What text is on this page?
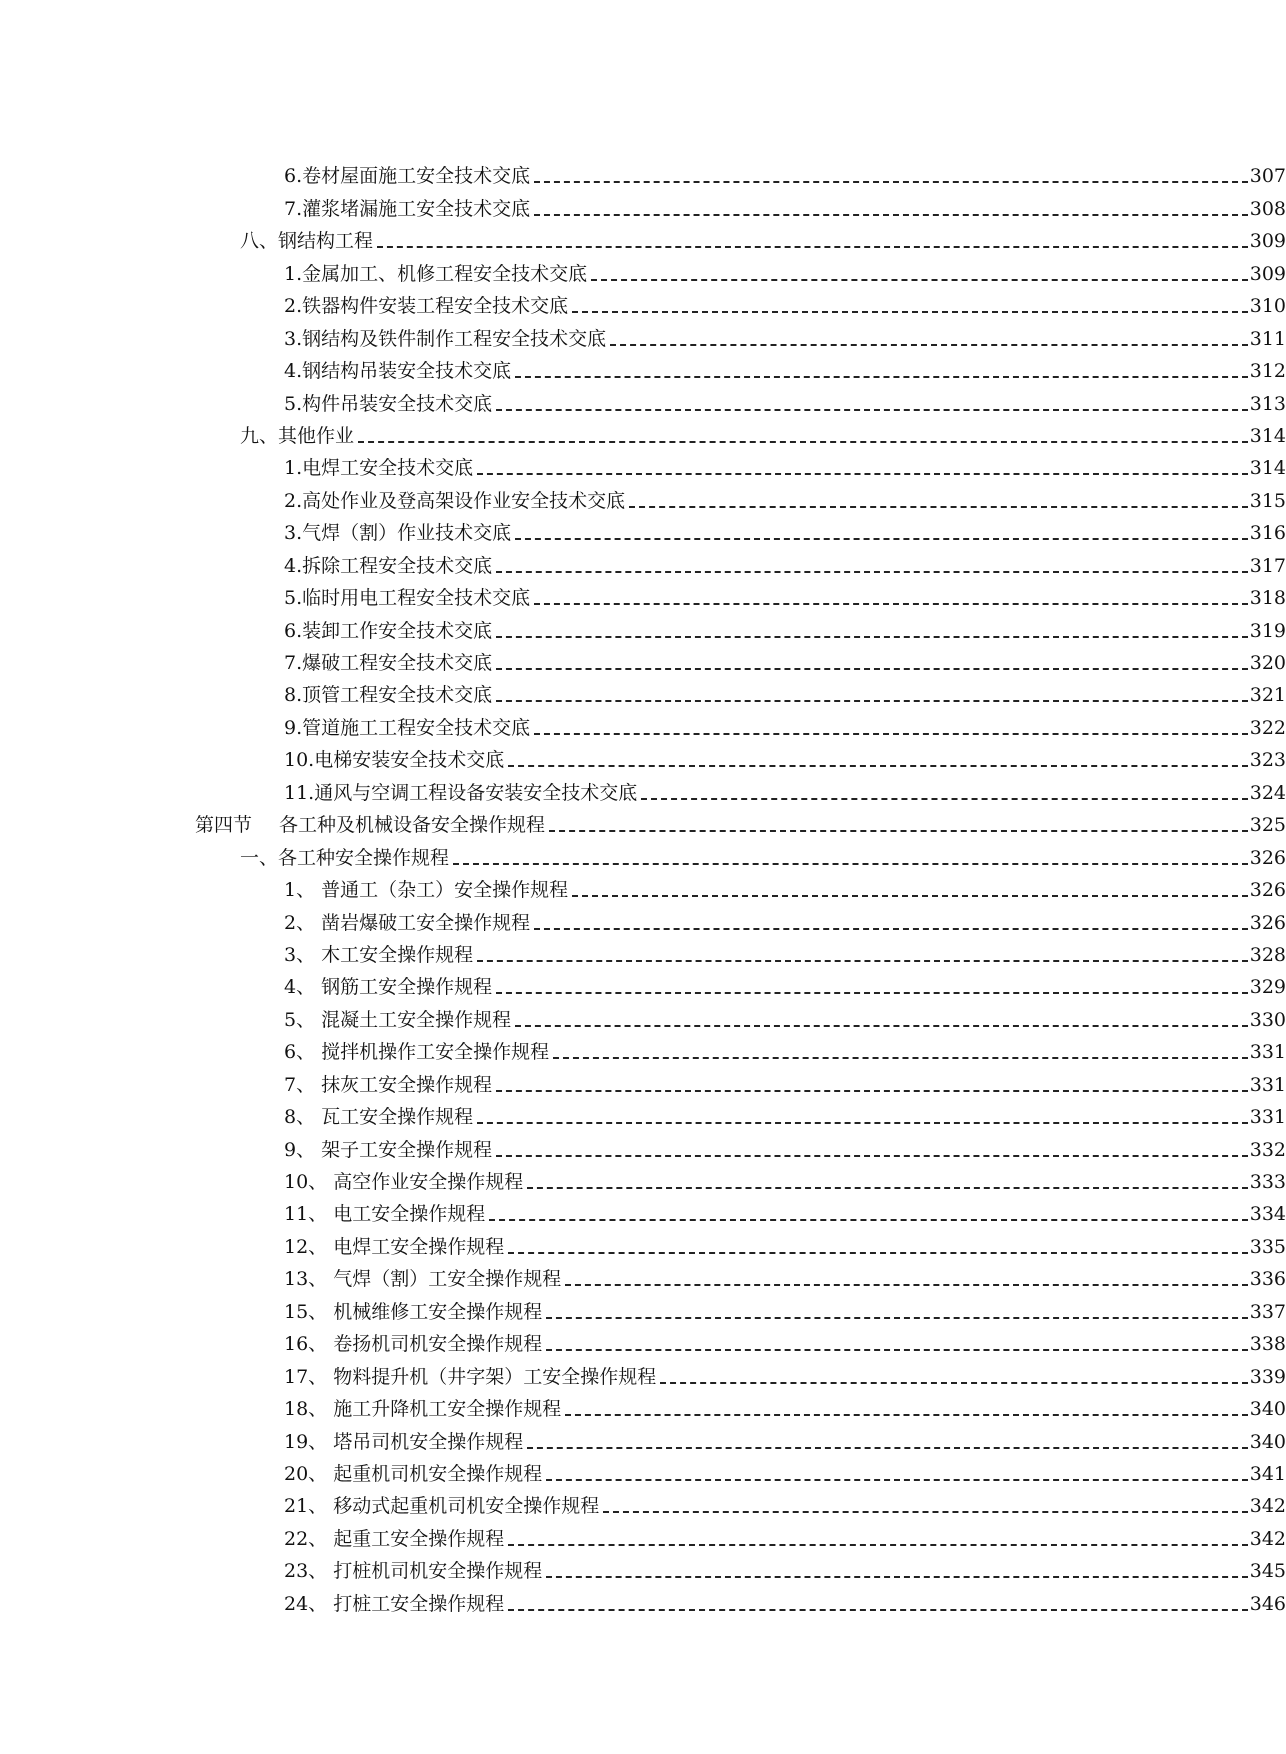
6.卷材屋面施工安全技术交底	307
7.灌浆堵漏施工安全技术交底	308
八、钢结构工程	309
1.金属加工、机修工程安全技术交底	309
2.铁器构件安装工程安全技术交底	310
3.钢结构及铁件制作工程安全技术交底	311
4.钢结构吊装安全技术交底	312
5.构件吊装安全技术交底	313
九、其他作业	314
1.电焊工安全技术交底	314
2.高处作业及登高架设作业安全技术交底	315
3.气焊（割）作业技术交底	316
4.拆除工程安全技术交底	317
5.临时用电工程安全技术交底	318
6.装卸工作安全技术交底	319
7.爆破工程安全技术交底	320
8.顶管工程安全技术交底	321
9.管道施工工程安全技术交底	322
10.电梯安装安全技术交底	323
11.通风与空调工程设备安装安全技术交底	324
第四节	各工种及机械设备安全操作规程	325
一、各工种安全操作规程	326
1、 普通工（杂工）安全操作规程	326
2、 凿岩爆破工安全操作规程	326
3、 木工安全操作规程	328
4、 钢筋工安全操作规程	329
5、 混凝土工安全操作规程	330
6、 搅拌机操作工安全操作规程	331
7、 抹灰工安全操作规程	331
8、 瓦工安全操作规程	331
9、 架子工安全操作规程	332
10、 高空作业安全操作规程	333
11、 电工安全操作规程	334
12、 电焊工安全操作规程	335
13、 气焊（割）工安全操作规程	336
15、 机械维修工安全操作规程	337
16、 卷扬机司机安全操作规程	338
17、 物料提升机（井字架）工安全操作规程	339
18、 施工升降机工安全操作规程	340
19、 塔吊司机安全操作规程	340
20、 起重机司机安全操作规程	341
21、 移动式起重机司机安全操作规程	342
22、 起重工安全操作规程	342
23、 打桩机司机安全操作规程	345
24、 打桩工安全操作规程	346
